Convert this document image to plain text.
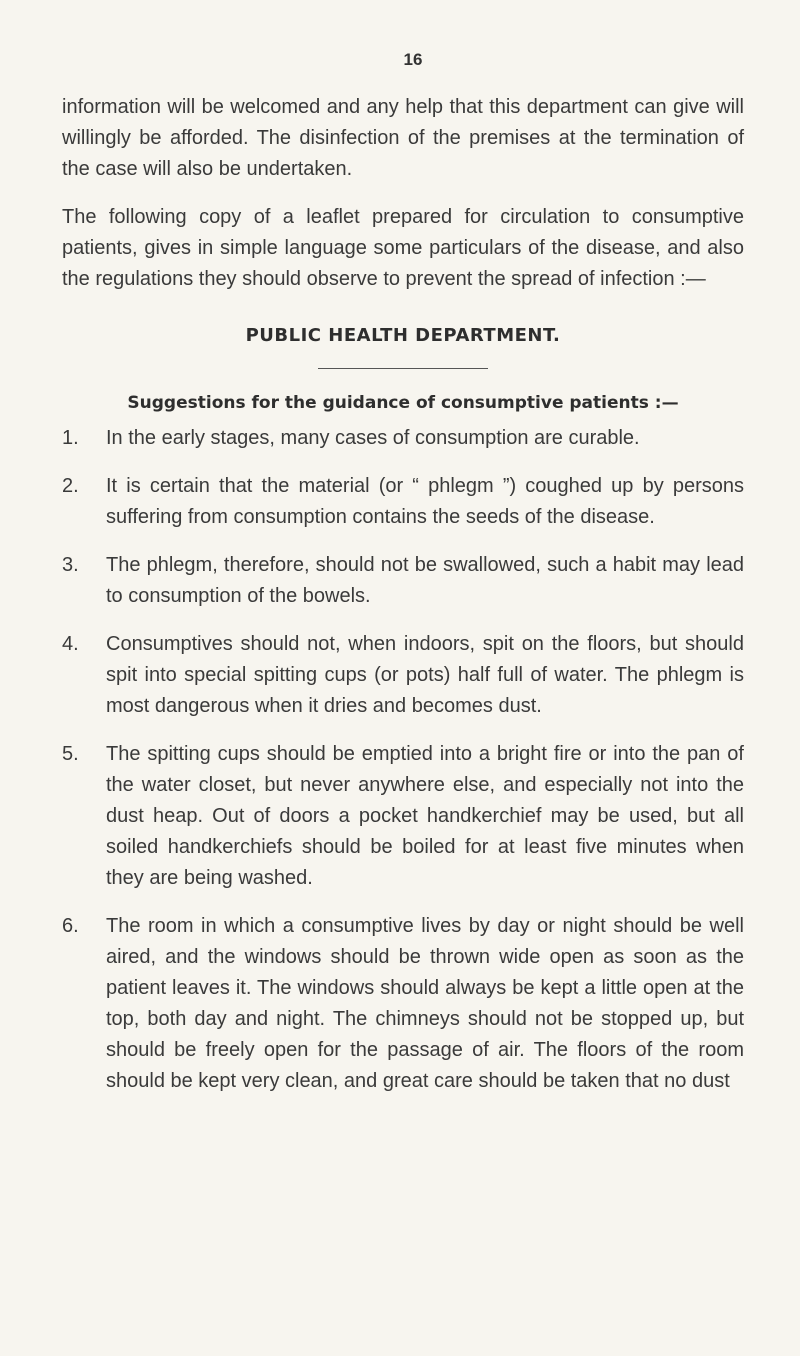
16

information will be welcomed and any help that this department can give will willingly be afforded. The disinfection of the premises at the termination of the case will also be undertaken.

The following copy of a leaflet prepared for circulation to consumptive patients, gives in simple language some particulars of the disease, and also the regulations they should observe to prevent the spread of infection :—

PUBLIC HEALTH DEPARTMENT.
Suggestions for the guidance of consumptive patients :—
1.	In the early stages, many cases of consumption are curable.
2.	It is certain that the material (or “ phlegm ”) coughed up by persons suffering from consumption contains the seeds of the disease.
3.	The phlegm, therefore, should not be swallowed, such a habit may lead to consumption of the bowels.
4.	Consumptives should not, when indoors, spit on the floors, but should spit into special spitting cups (or pots) half full of water. The phlegm is most dangerous when it dries and becomes dust.
5.	The spitting cups should be emptied into a bright fire or into the pan of the water closet, but never anywhere else, and especially not into the dust heap. Out of doors a pocket handkerchief may be used, but all soiled handkerchiefs should be boiled for at least five minutes when they are being washed.
6.	The room in which a consumptive lives by day or night should be well aired, and the windows should be thrown wide open as soon as the patient leaves it. The windows should always be kept a little open at the top, both day and night. The chimneys should not be stopped up, but should be freely open for the passage of air. The floors of the room should be kept very clean, and great care should be taken that no dust
